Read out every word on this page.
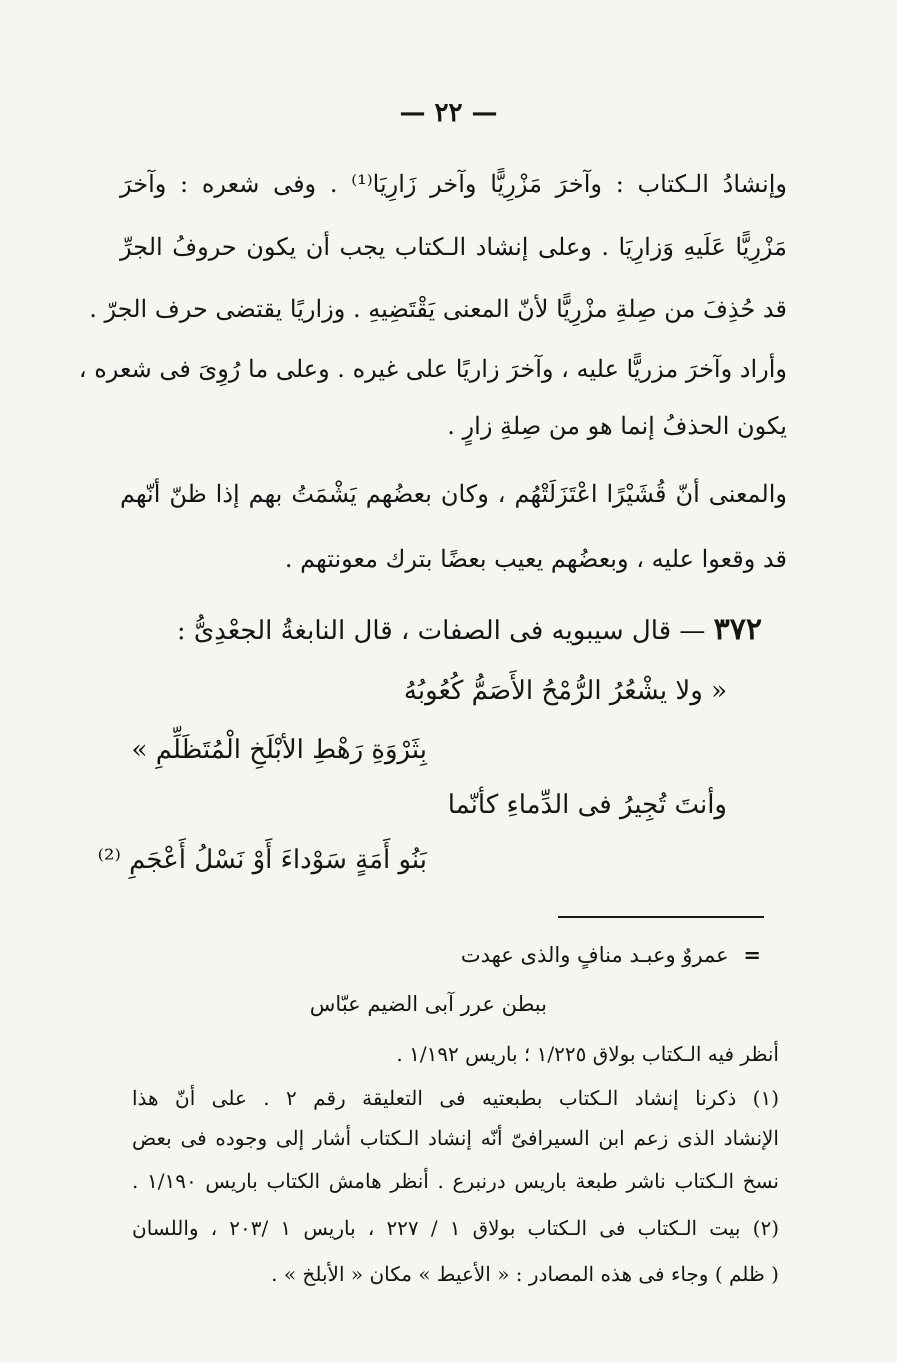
— ٢٢ —
وإنشادُ الـكتاب : وآخرَ مَزْرِيًّا وآخر زَارِيَا⁽¹⁾ . وفى شعره : وآخرَ
مَزْرِيًّا عَلَيهِ وَزارِيَا . وعلى إنشاد الـكتاب يجب أن يكون حروفُ الجرِّ
قد حُذِفَ من صِلةِ مزْرِيًّا لأنّ المعنى يَقْتَضِيهِ . وزاريًا يقتضى حرف الجرّ .
وأراد وآخرَ مزريًّا عليه ، وآخرَ زاريًا على غيره . وعلى ما رُوِىَ فى شعره ،
يكون الحذفُ إنما هو من صِلةِ زارٍ .
والمعنى أنّ قُشَيْرًا اعْتَزَلَتْهُم ، وكان بعضُهم يَشْمَتُ بهم إذا ظنّ أنّهم
قد وقعوا عليه ، وبعضُهم يعيب بعضًا بترك معونتهم .
٣٧٢ — قال سيبويه فى الصفات ، قال النابغةُ الجعْدِىُّ :
« ولا يشْعُرُ الرُّمْحُ الأَصَمُّ كُعُوبُهُ
بِثَرْوَةِ رَهْطِ الأبْلَخِ الْمُتَظَلِّمِ »
وأنتَ تُجِيرُ فى الدِّماءِ كأنّما
بَنُو أَمَةٍ سَوْداءَ أَوْ نَسْلُ أَعْجَمِ ⁽²⁾
= عمروٌ وعبـد منافٍ والذى عهدت
ببطن عرر آبى الضيم عبّاس
أنظر فيه الـكتاب بولاق ١/٢٢٥ ؛ باريس ١/١٩٢ .
(١) ذكرنا إنشاد الـكتاب بطبعتيه فى التعليقة رقم ٢ . على أنّ هذا
الإنشاد الذى زعم ابن السيرافىّ أنّه إنشاد الـكتاب أشار إلى وجوده فى بعض
نسخ الـكتاب ناشر طبعة باريس درنبرع . أنظر هامش الكتاب باريس ١/١٩٠ .
(٢) بيت الـكتاب فى الـكتاب بولاق ١ / ٢٢٧ ، باريس ١ /٢٠٣ ، واللسان
( ظلم ) وجاء فى هذه المصادر : « الأعيط » مكان « الأبلخ » .
